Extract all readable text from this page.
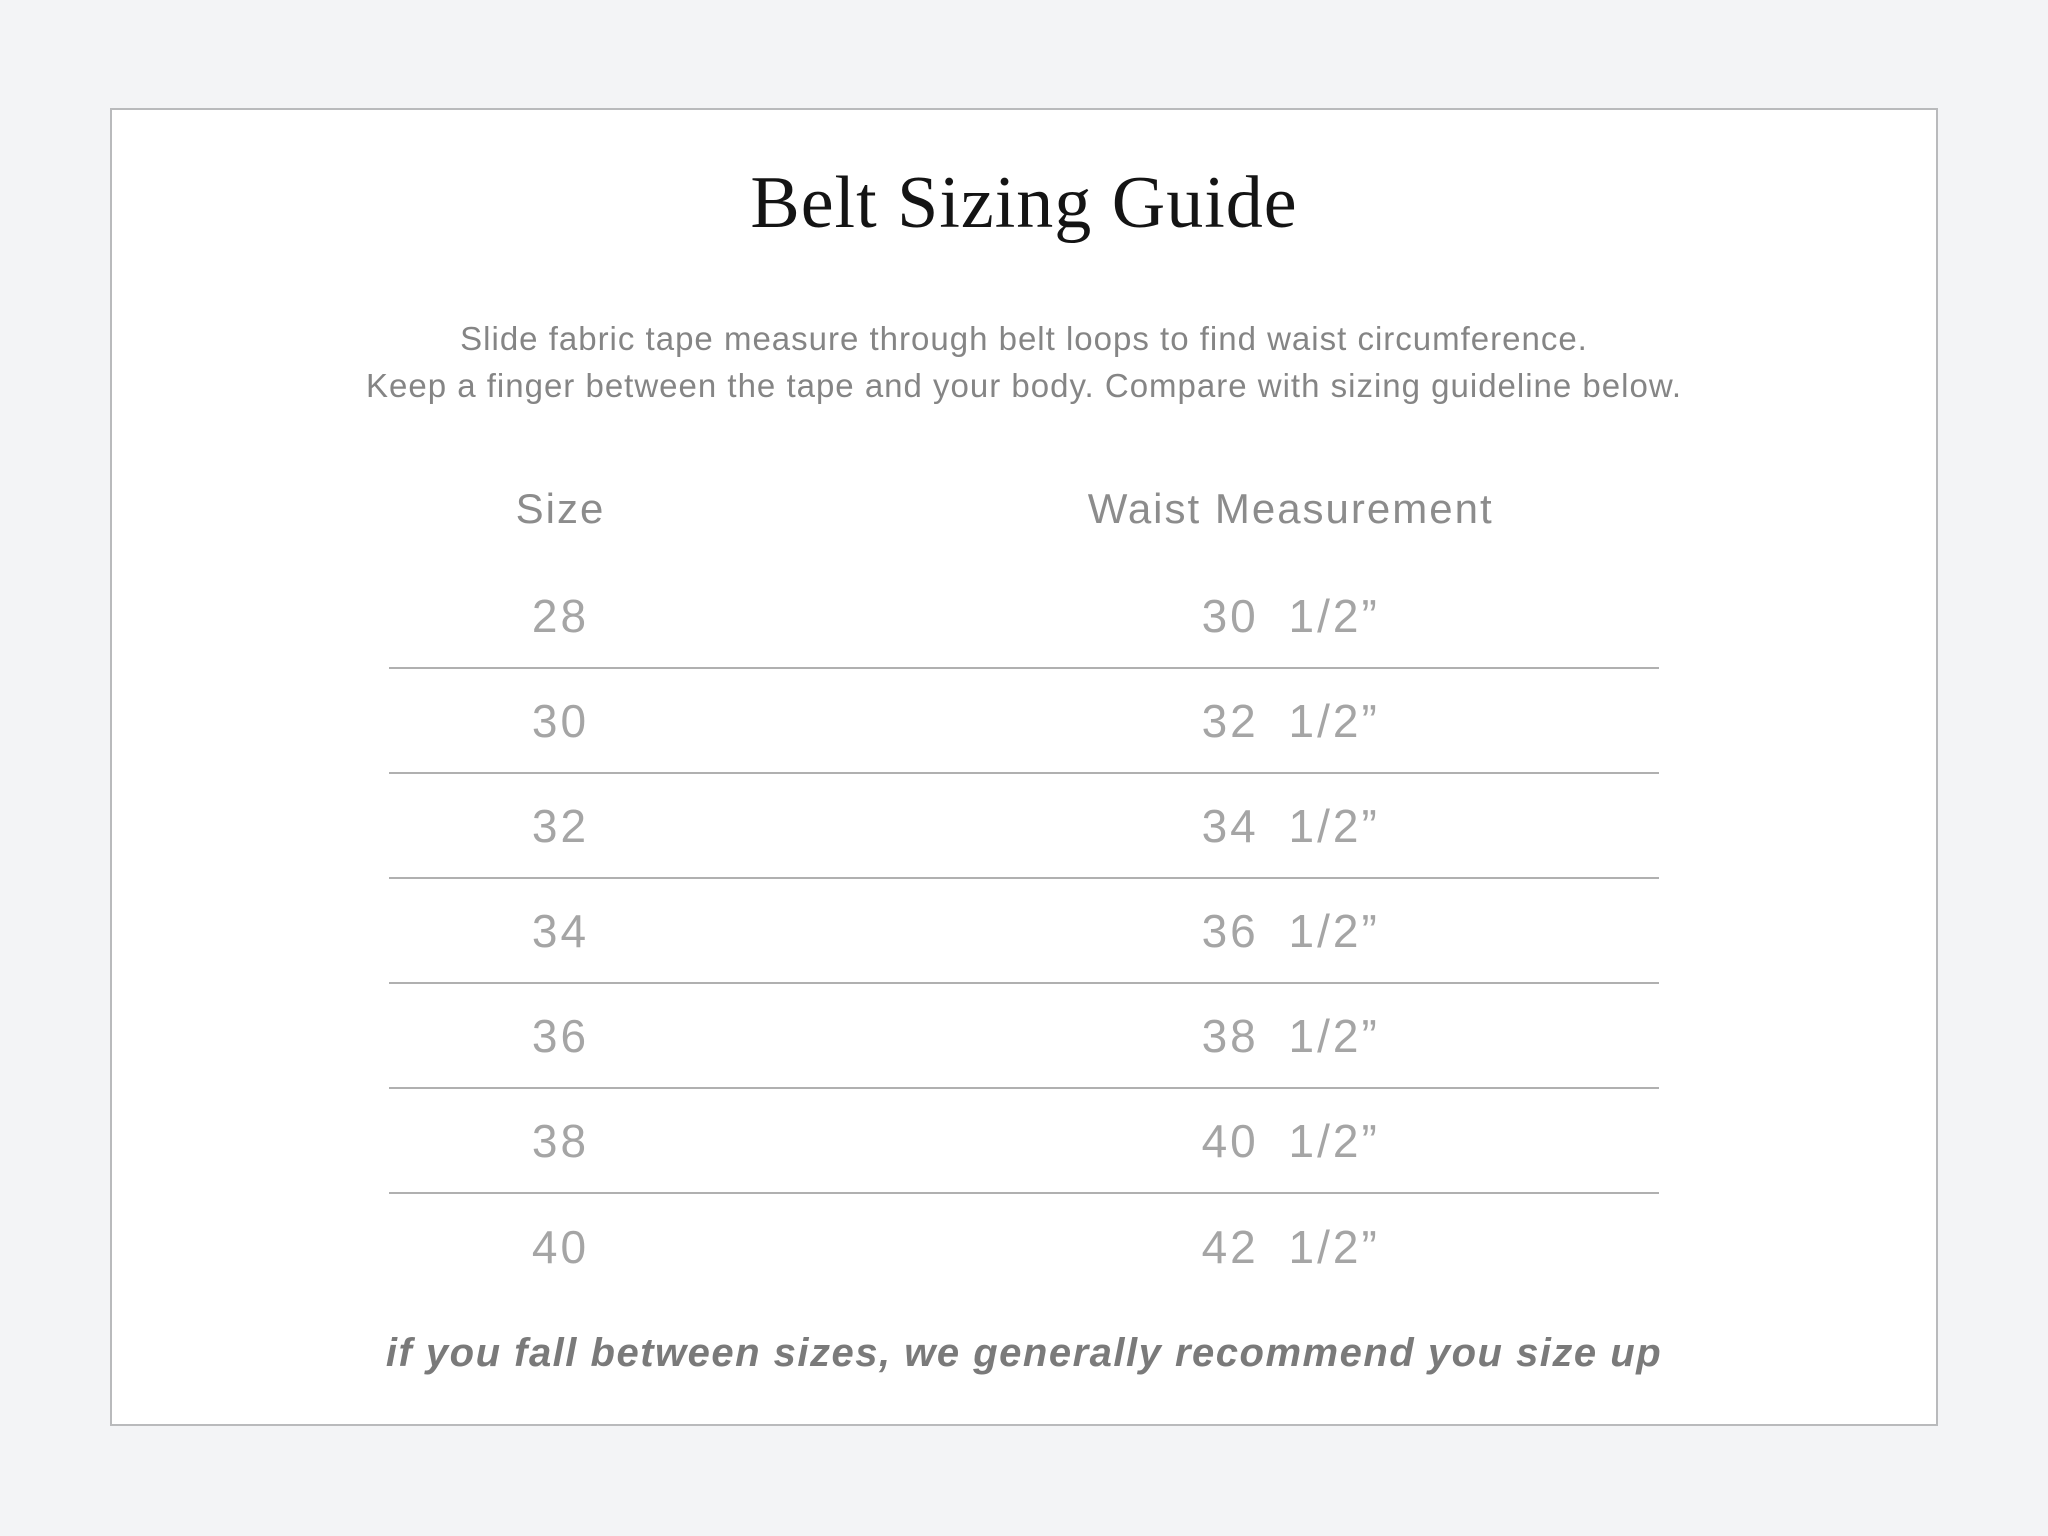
Belt Sizing Guide
Slide fabric tape measure through belt loops to find waist circumference.
Keep a finger between the tape and your body. Compare with sizing guideline below.
Size	Waist Measurement
28	30 1/2”
30	32 1/2”
32	34 1/2”
34	36 1/2”
36	38 1/2”
38	40 1/2”
40	42 1/2”
if you fall between sizes, we generally recommend you size up
